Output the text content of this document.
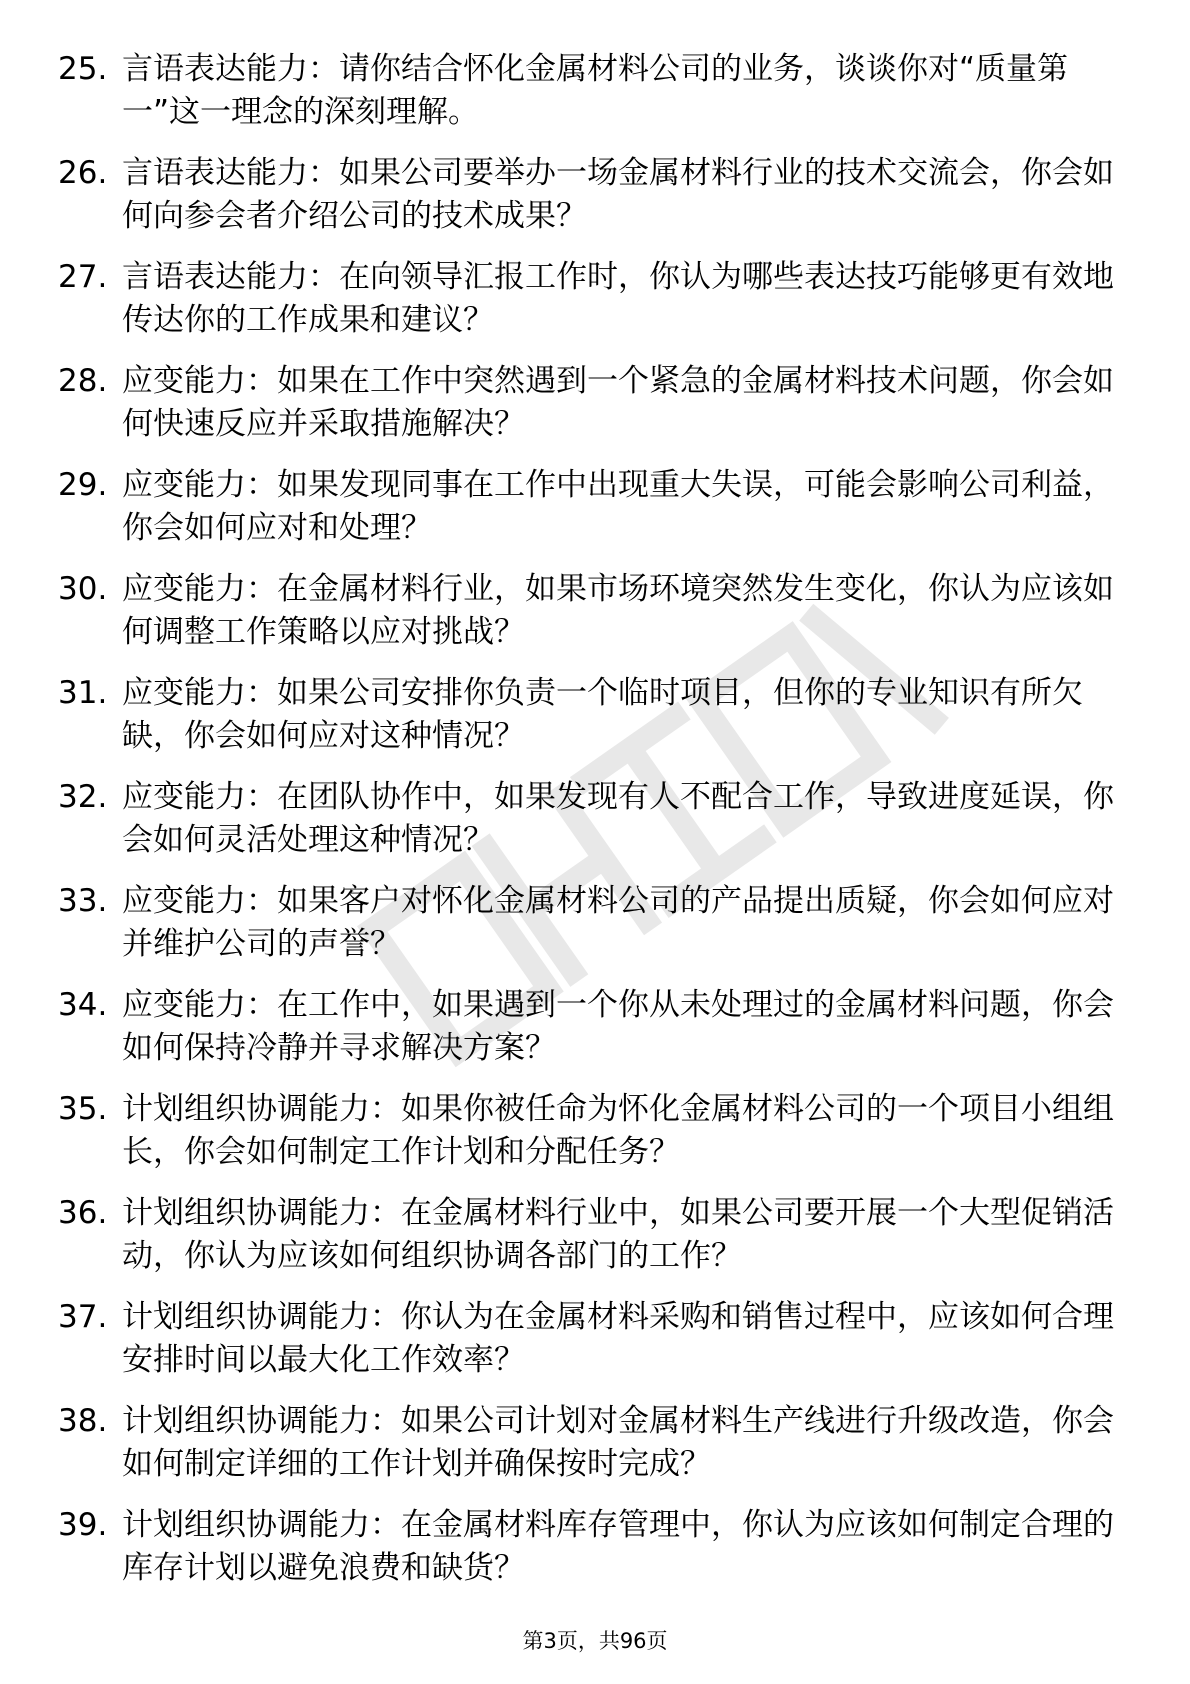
25. 言语表达能力：请你结合怀化金属材料公司的业务，谈谈你对“质量第一”这一理念的深刻理解。
26. 言语表达能力：如果公司要举办一场金属材料行业的技术交流会，你会如何向参会者介绍公司的技术成果？
27. 言语表达能力：在向领导汇报工作时，你认为哪些表达技巧能够更有效地传达你的工作成果和建议？
28. 应变能力：如果在工作中突然遇到一个紧急的金属材料技术问题，你会如何快速反应并采取措施解决？
29. 应变能力：如果发现同事在工作中出现重大失误，可能会影响公司利益，你会如何应对和处理？
30. 应变能力：在金属材料行业，如果市场环境突然发生变化，你认为应该如何调整工作策略以应对挑战？
31. 应变能力：如果公司安排你负责一个临时项目，但你的专业知识有所欠缺，你会如何应对这种情况？
32. 应变能力：在团队协作中，如果发现有人不配合工作，导致进度延误，你会如何灵活处理这种情况？
33. 应变能力：如果客户对怀化金属材料公司的产品提出质疑，你会如何应对并维护公司的声誉？
34. 应变能力：在工作中，如果遇到一个你从未处理过的金属材料问题，你会如何保持冷静并寻求解决方案？
35. 计划组织协调能力：如果你被任命为怀化金属材料公司的一个项目小组组长，你会如何制定工作计划和分配任务？
36. 计划组织协调能力：在金属材料行业中，如果公司要开展一个大型促销活动，你认为应该如何组织协调各部门的工作？
37. 计划组织协调能力：你认为在金属材料采购和销售过程中，应该如何合理安排时间以最大化工作效率？
38. 计划组织协调能力：如果公司计划对金属材料生产线进行升级改造，你会如何制定详细的工作计划并确保按时完成？
39. 计划组织协调能力：在金属材料库存管理中，你认为应该如何制定合理的库存计划以避免浪费和缺货？
第3页，共96页
